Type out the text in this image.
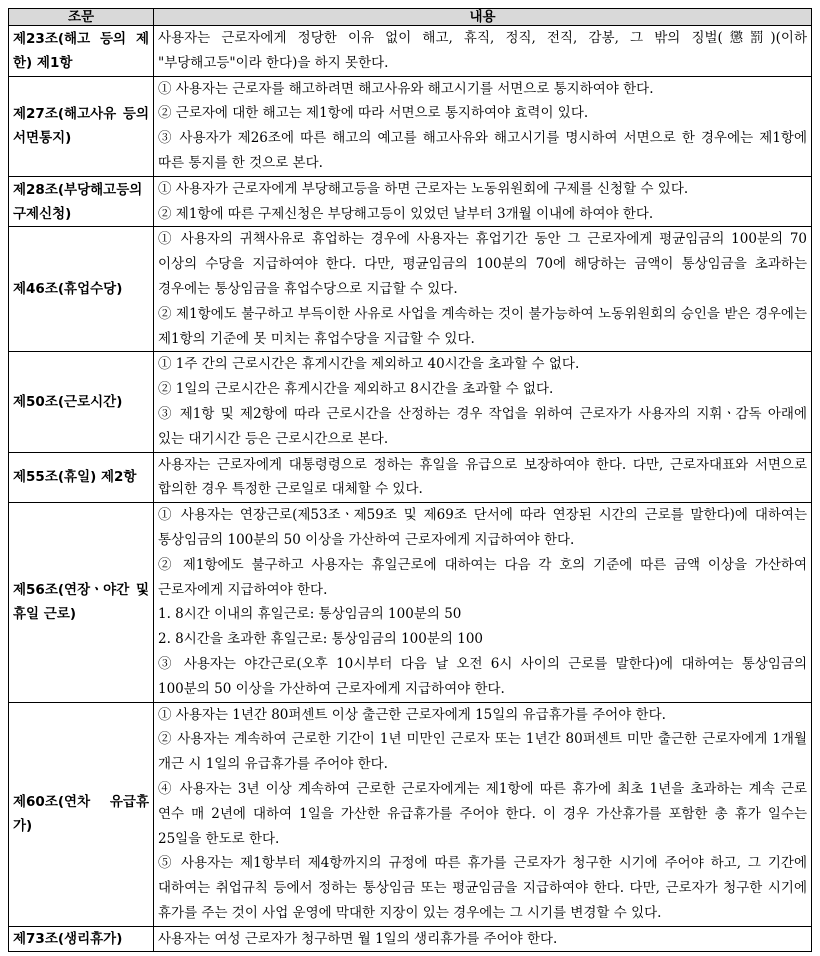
조문	내용
제23조(해고 등의 제한) 제1항	사용자는 근로자에게 정당한 이유 없이 해고, 휴직, 정직, 전직, 감봉, 그 밖의 징벌(懲罰)(이하 "부당해고등"이라 한다)을 하지 못한다.

제27조(해고사유 등의 서면통지)	① 사용자는 근로자를 해고하려면 해고사유와 해고시기를 서면으로 통지하여야 한다.
② 근로자에 대한 해고는 제1항에 따라 서면으로 통지하여야 효력이 있다.
③ 사용자가 제26조에 따른 해고의 예고를 해고사유와 해고시기를 명시하여 서면으로 한 경우에는 제1항에 따른 통지를 한 것으로 본다.

제28조(부당해고등의 구제신청)	① 사용자가 근로자에게 부당해고등을 하면 근로자는 노동위원회에 구제를 신청할 수 있다.
② 제1항에 따른 구제신청은 부당해고등이 있었던 날부터 3개월 이내에 하여야 한다.

제46조(휴업수당)	① 사용자의 귀책사유로 휴업하는 경우에 사용자는 휴업기간 동안 그 근로자에게 평균임금의 100분의 70 이상의 수당을 지급하여야 한다. 다만, 평균임금의 100분의 70에 해당하는 금액이 통상임금을 초과하는 경우에는 통상임금을 휴업수당으로 지급할 수 있다.
② 제1항에도 불구하고 부득이한 사유로 사업을 계속하는 것이 불가능하여 노동위원회의 승인을 받은 경우에는 제1항의 기준에 못 미치는 휴업수당을 지급할 수 있다.

제50조(근로시간)	① 1주 간의 근로시간은 휴게시간을 제외하고 40시간을 초과할 수 없다.
② 1일의 근로시간은 휴게시간을 제외하고 8시간을 초과할 수 없다.
③ 제1항 및 제2항에 따라 근로시간을 산정하는 경우 작업을 위하여 근로자가 사용자의 지휘ㆍ감독 아래에 있는 대기시간 등은 근로시간으로 본다.

제55조(휴일) 제2항	사용자는 근로자에게 대통령령으로 정하는 휴일을 유급으로 보장하여야 한다. 다만, 근로자대표와 서면으로 합의한 경우 특정한 근로일로 대체할 수 있다.

제56조(연장ㆍ야간 및 휴일 근로)	① 사용자는 연장근로(제53조ㆍ제59조 및 제69조 단서에 따라 연장된 시간의 근로를 말한다)에 대하여는 통상임금의 100분의 50 이상을 가산하여 근로자에게 지급하여야 한다.
② 제1항에도 불구하고 사용자는 휴일근로에 대하여는 다음 각 호의 기준에 따른 금액 이상을 가산하여 근로자에게 지급하여야 한다.
1. 8시간 이내의 휴일근로: 통상임금의 100분의 50
2. 8시간을 초과한 휴일근로: 통상임금의 100분의 100
③ 사용자는 야간근로(오후 10시부터 다음 날 오전 6시 사이의 근로를 말한다)에 대하여는 통상임금의 100분의 50 이상을 가산하여 근로자에게 지급하여야 한다.

제60조(연차 유급휴가)	① 사용자는 1년간 80퍼센트 이상 출근한 근로자에게 15일의 유급휴가를 주어야 한다.
② 사용자는 계속하여 근로한 기간이 1년 미만인 근로자 또는 1년간 80퍼센트 미만 출근한 근로자에게 1개월 개근 시 1일의 유급휴가를 주어야 한다.
④ 사용자는 3년 이상 계속하여 근로한 근로자에게는 제1항에 따른 휴가에 최초 1년을 초과하는 계속 근로 연수 매 2년에 대하여 1일을 가산한 유급휴가를 주어야 한다. 이 경우 가산휴가를 포함한 총 휴가 일수는 25일을 한도로 한다.
⑤ 사용자는 제1항부터 제4항까지의 규정에 따른 휴가를 근로자가 청구한 시기에 주어야 하고, 그 기간에 대하여는 취업규칙 등에서 정하는 통상임금 또는 평균임금을 지급하여야 한다. 다만, 근로자가 청구한 시기에 휴가를 주는 것이 사업 운영에 막대한 지장이 있는 경우에는 그 시기를 변경할 수 있다.

제73조(생리휴가)	사용자는 여성 근로자가 청구하면 월 1일의 생리휴가를 주어야 한다.
